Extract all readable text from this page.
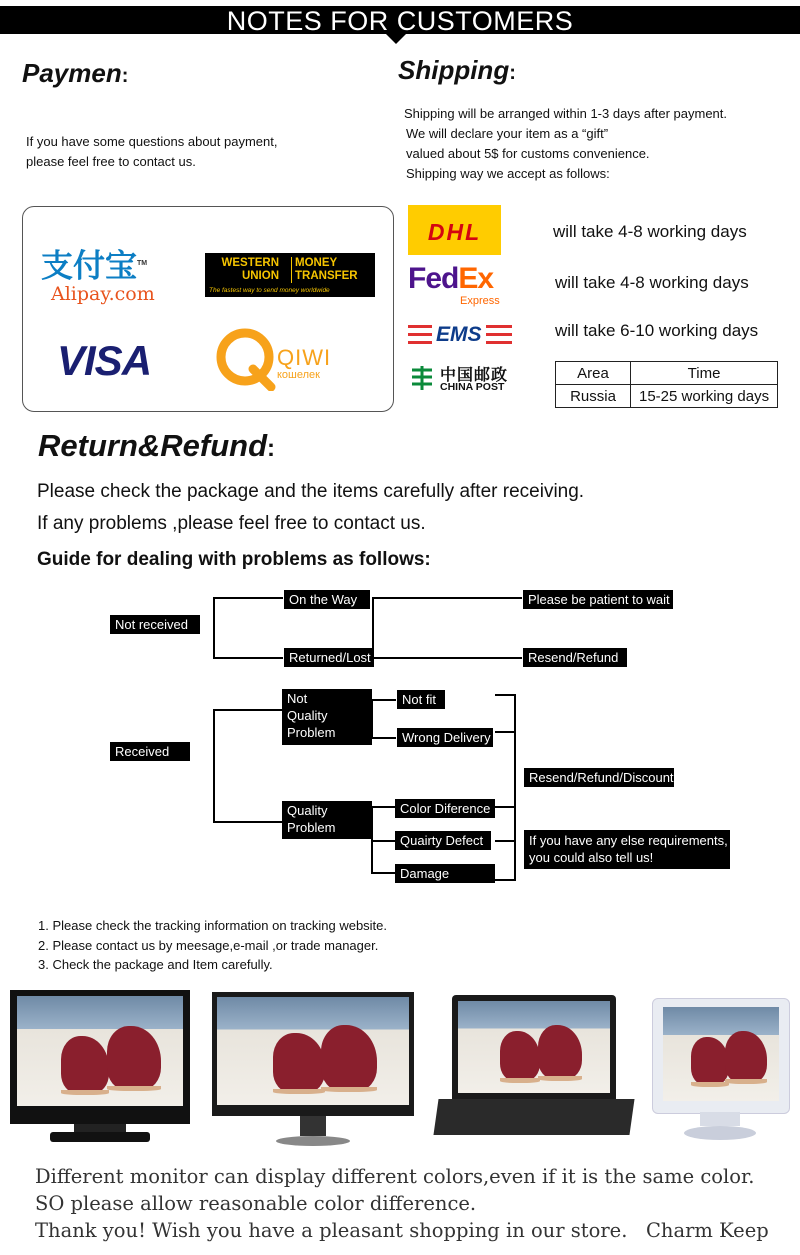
NOTES FOR CUSTOMERS
Paymen:
If you have some questions about payment,
please feel free to contact us.
支付宝™
Alipay.com
WESTERN
UNION
MONEY
TRANSFER
The fastest way to send money worldwide
VISA	QIWI
кошелек
Shipping:
Shipping will be arranged within 1-3 days after payment.
We will declare your item as a “gift”
valued about 5$ for customs convenience.
Shipping way we accept as follows:
DHL	will take 4-8 working days
FedEx
Express
will take 4-8 working days
EMS	will take 6-10 working days
中国邮政
CHINA POST
Area	Time
Russia	15-25 working days
Return&Refund:
Please check the package and the items carefully after receiving.
If any problems ,please feel free to contact us.
Guide for dealing with problems as follows:
Not received
On the Way
Returned/Lost
Please be patient to wait
Resend/Refund
Received
Not
Quality
Problem
Quality
Problem
Not fit
Wrong Delivery
Color Diference
Quairty Defect
Damage
Resend/Refund/Discount
If you have any else requirements,
you could also tell us!
1. Please check the tracking information on tracking website.
2. Please contact us by meesage,e-mail ,or trade manager.
3. Check the package and Item carefully.
Different monitor can display different colors,even if it is the same color.
SO please allow reasonable color difference.
Thank you! Wish you have a pleasant shopping in our store.   Charm Keep
